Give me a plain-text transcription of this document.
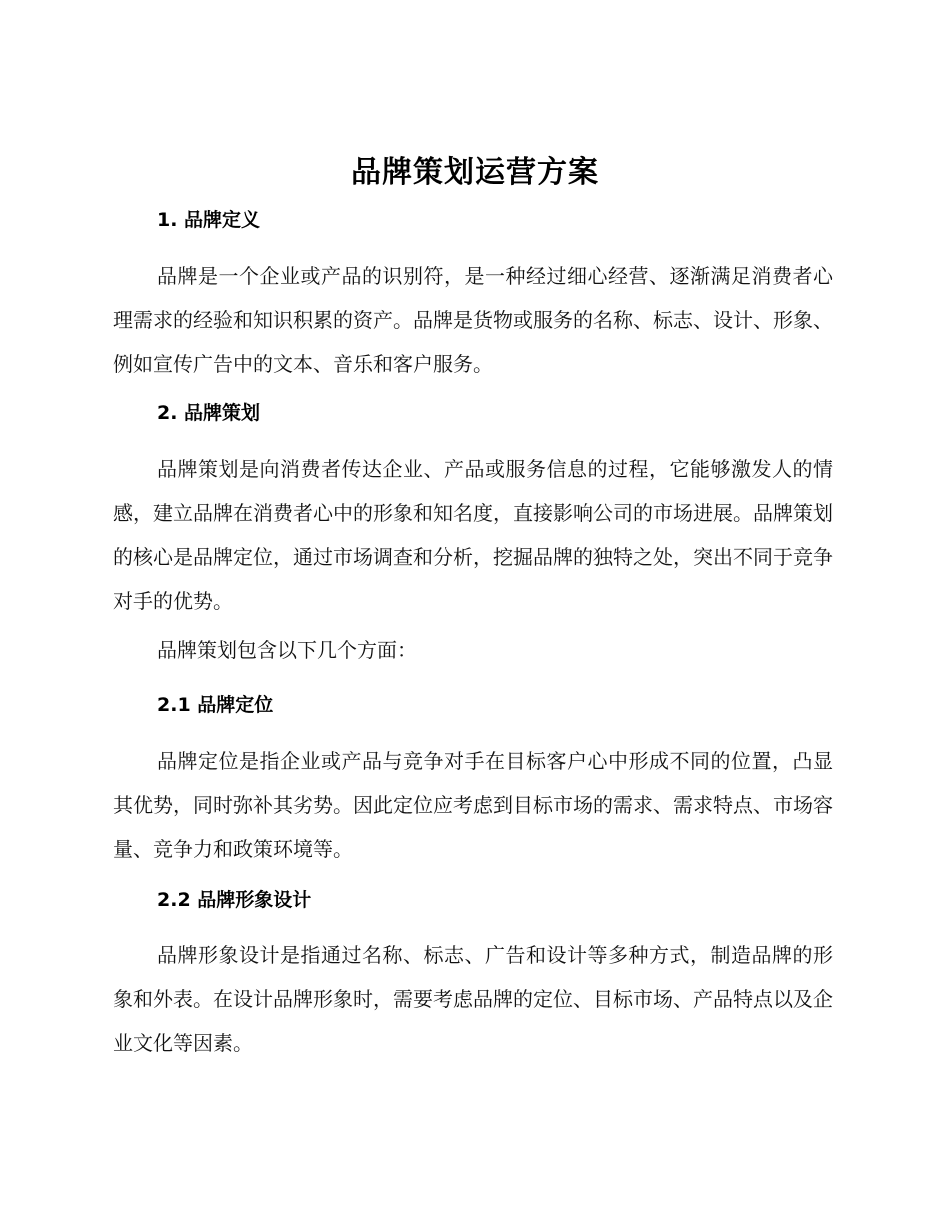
品牌策划运营方案
1. 品牌定义

品牌是一个企业或产品的识别符，是一种经过细心经营、逐渐满足消费者心理需求的经验和知识积累的资产。品牌是货物或服务的名称、标志、设计、形象、例如宣传广告中的文本、音乐和客户服务。

2. 品牌策划

品牌策划是向消费者传达企业、产品或服务信息的过程，它能够激发人的情感，建立品牌在消费者心中的形象和知名度，直接影响公司的市场进展。品牌策划的核心是品牌定位，通过市场调查和分析，挖掘品牌的独特之处，突出不同于竞争对手的优势。

品牌策划包含以下几个方面：

2.1 品牌定位

品牌定位是指企业或产品与竞争对手在目标客户心中形成不同的位置，凸显其优势，同时弥补其劣势。因此定位应考虑到目标市场的需求、需求特点、市场容量、竞争力和政策环境等。

2.2 品牌形象设计

品牌形象设计是指通过名称、标志、广告和设计等多种方式，制造品牌的形象和外表。在设计品牌形象时，需要考虑品牌的定位、目标市场、产品特点以及企业文化等因素。
